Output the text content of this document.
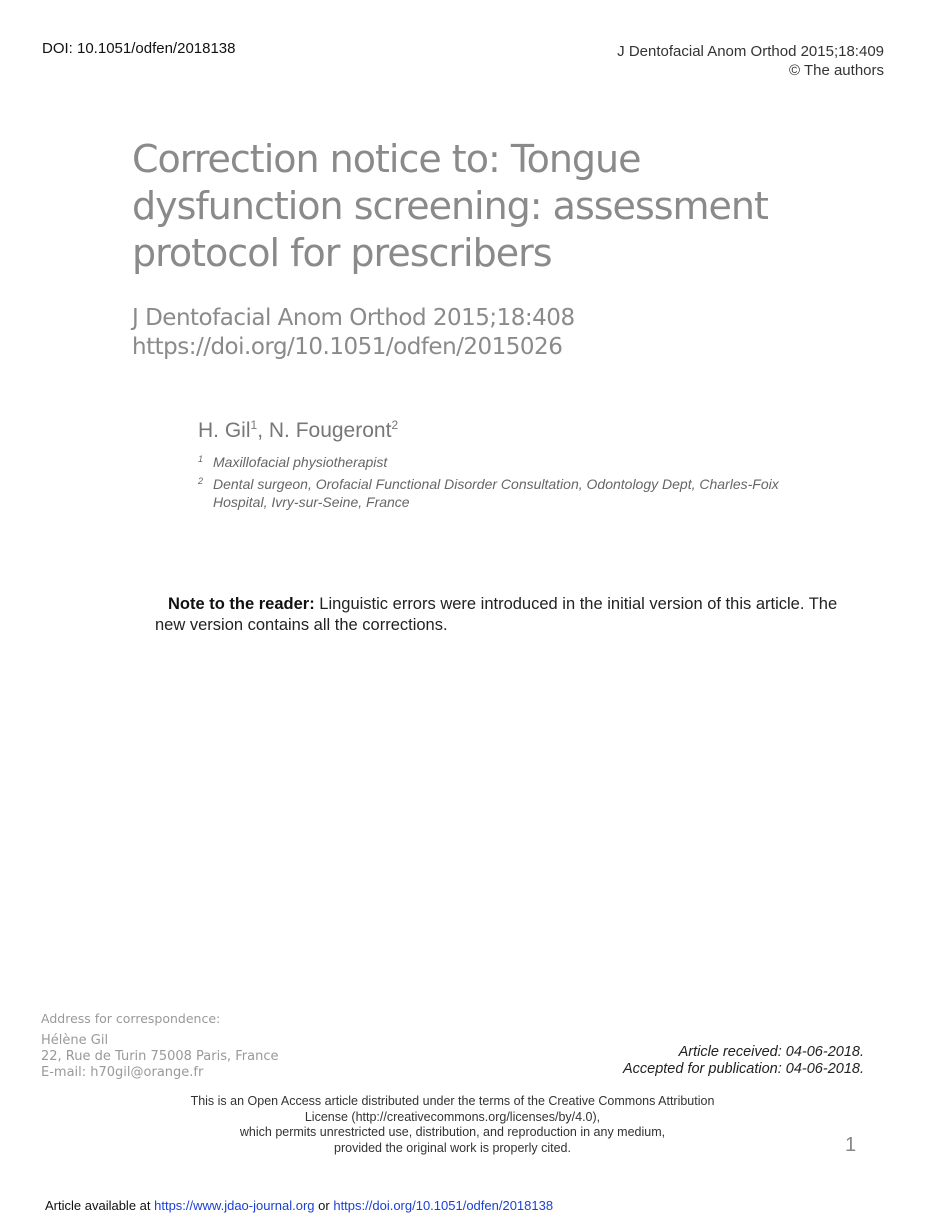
DOI: 10.1051/odfen/2018138	J Dentofacial Anom Orthod 2015;18:409
© The authors
Correction notice to: Tongue dysfunction screening: assessment protocol for prescribers
J Dentofacial Anom Orthod 2015;18:408
https://doi.org/10.1051/odfen/2015026
H. Gil$^1$, N. Fougeront$^2$
1 Maxillofacial physiotherapist
2 Dental surgeon, Orofacial Functional Disorder Consultation, Odontology Dept, Charles-Foix Hospital, Ivry-sur-Seine, France
Note to the reader: Linguistic errors were introduced in the initial version of this article. The new version contains all the corrections.
Address for correspondence:
Hélène Gil
22, Rue de Turin 75008 Paris, France
E-mail: h70gil@orange.fr
Article received: 04-06-2018.
Accepted for publication: 04-06-2018.
This is an Open Access article distributed under the terms of the Creative Commons Attribution
License (http://creativecommons.org/licenses/by/4.0),
which permits unrestricted use, distribution, and reproduction in any medium,
provided the original work is properly cited.	1
Article available at https://www.jdao-journal.org or https://doi.org/10.1051/odfen/2018138
